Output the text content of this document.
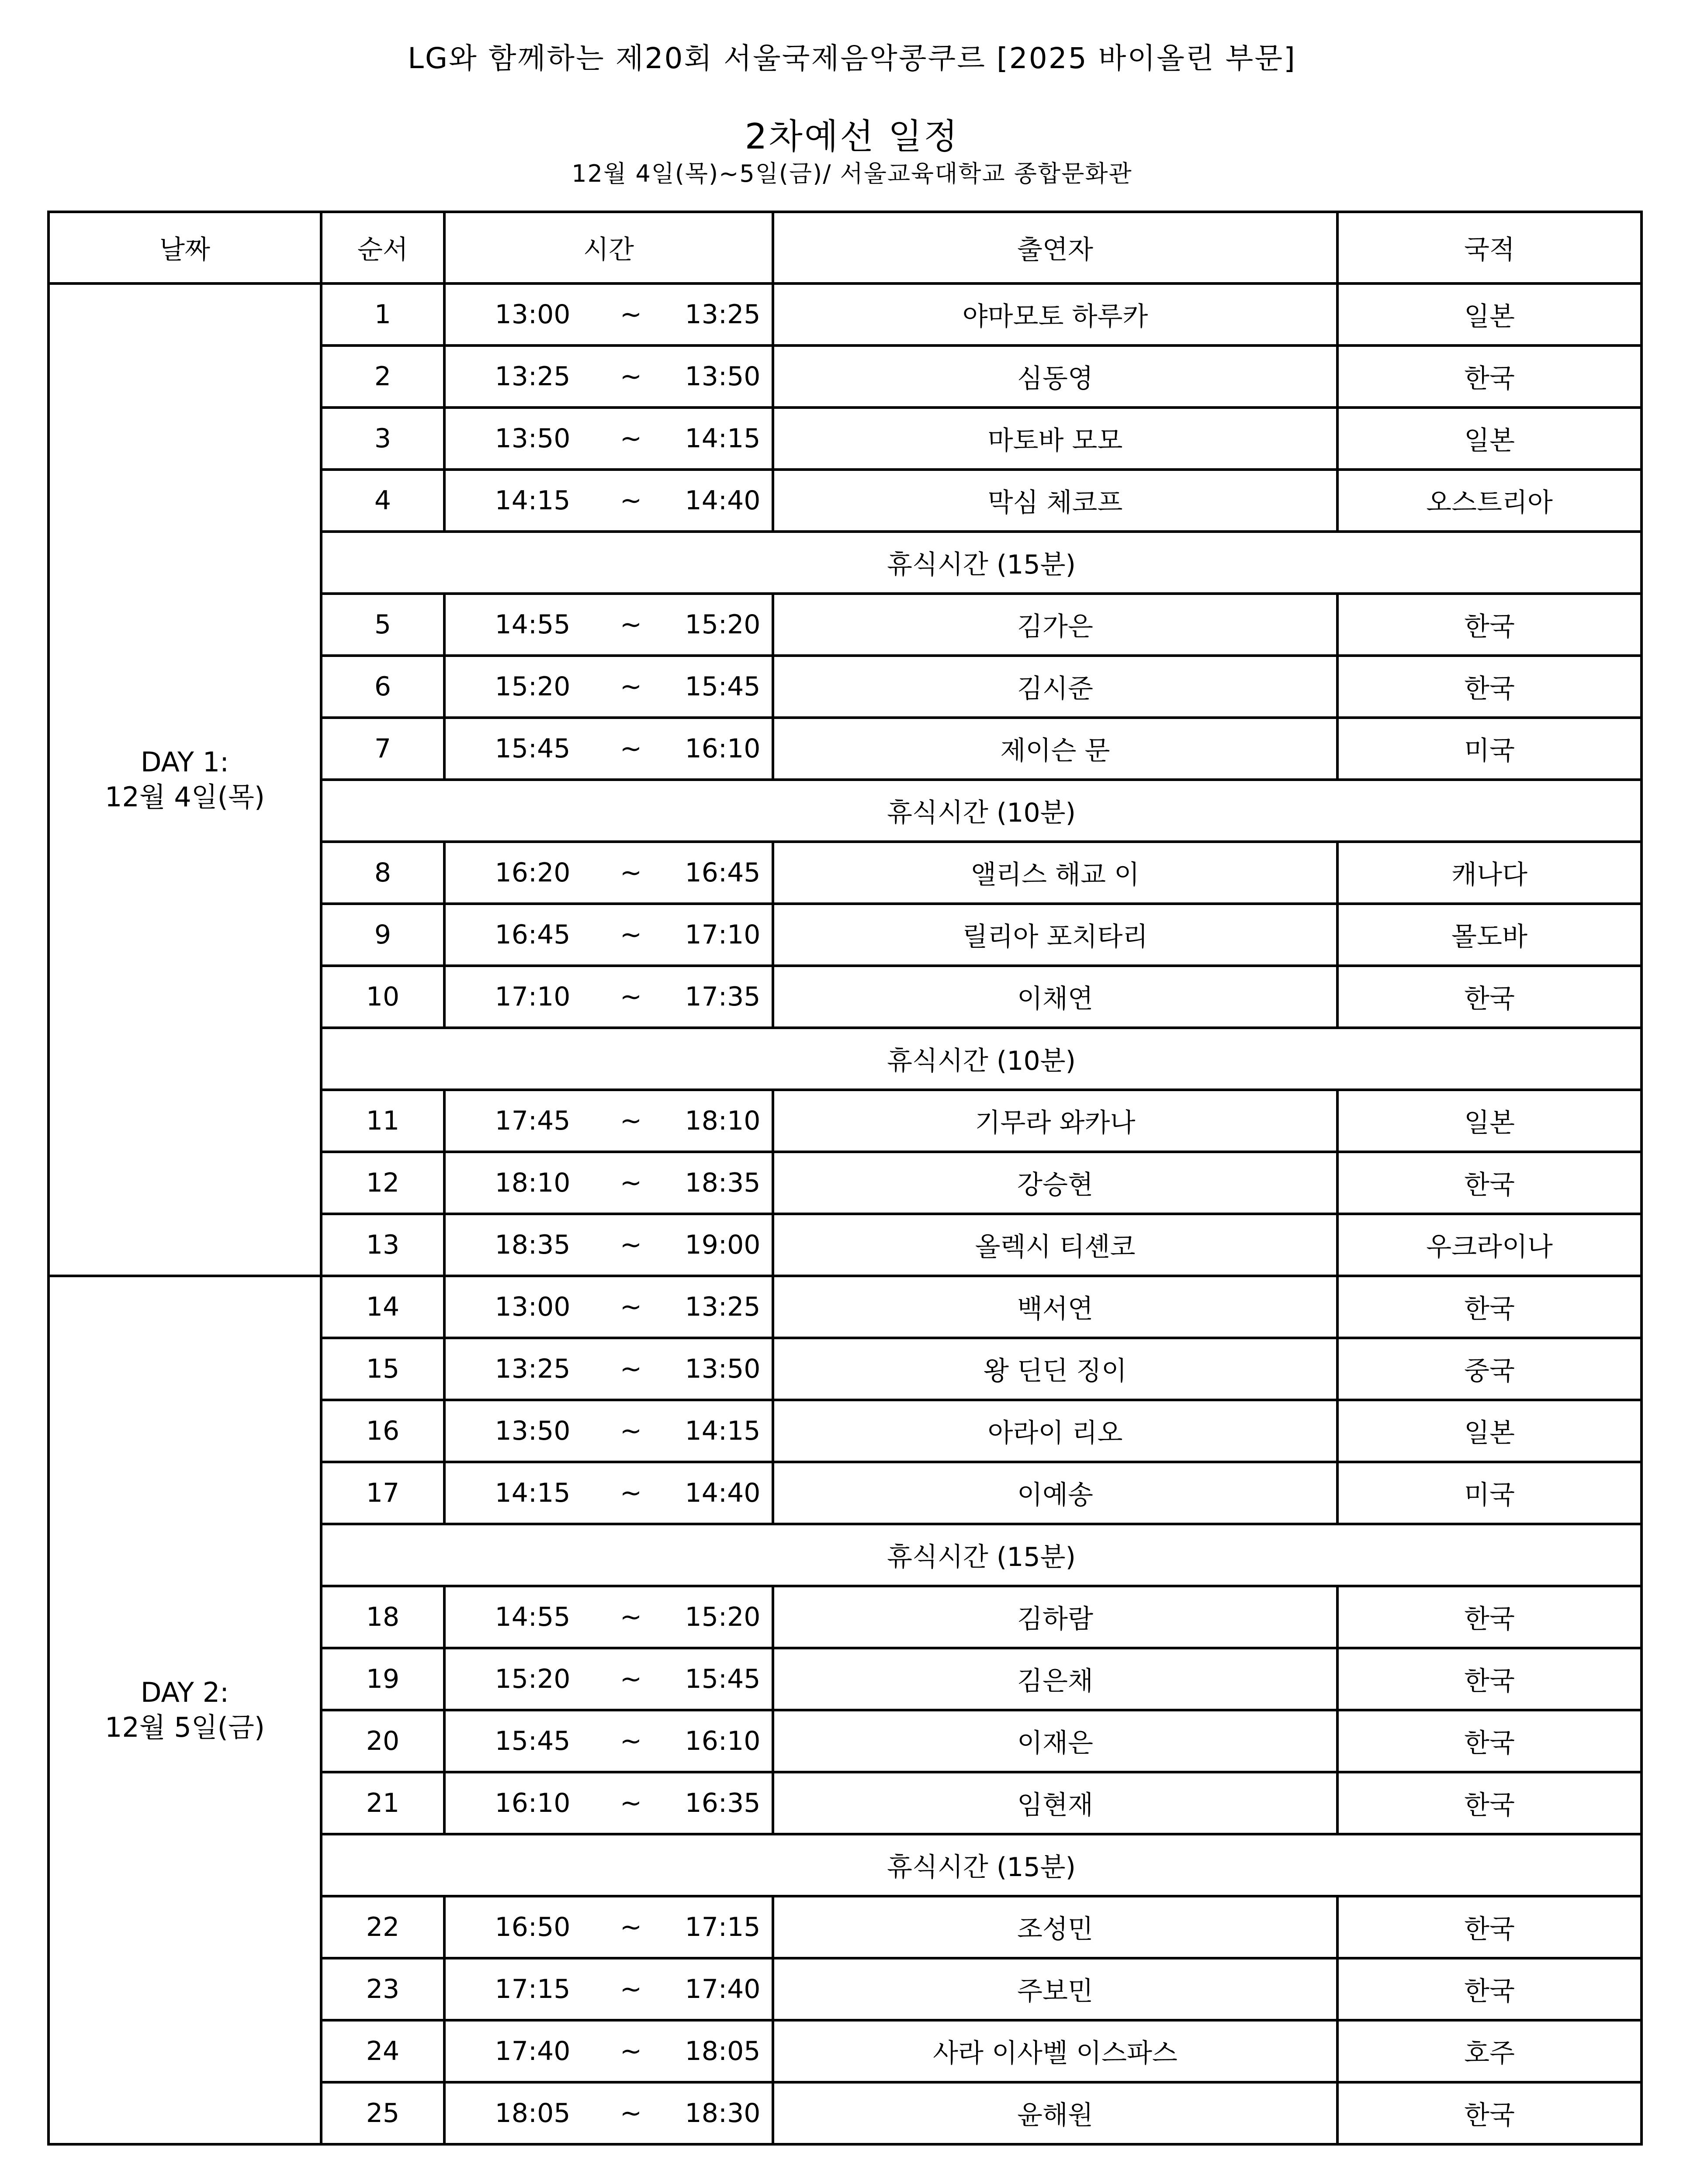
LG와 함께하는 제20회 서울국제음악콩쿠르 [2025 바이올린 부문]
2차예선 일정
12월 4일(목)~5일(금)/ 서울교육대학교 종합문화관
날짜	순서	시간	출연자	국적

DAY 1:
12월 4일(목)	1	13:00 ~ 13:25	야마모토 하루카	일본
	2	13:25 ~ 13:50	심동영	한국
	3	13:50 ~ 14:15	마토바 모모	일본
	4	14:15 ~ 14:40	막심 체코프	오스트리아
	휴식시간 (15분)			
	5	14:55 ~ 15:20	김가은	한국
	6	15:20 ~ 15:45	김시준	한국
	7	15:45 ~ 16:10	제이슨 문	미국
	휴식시간 (10분)			
	8	16:20 ~ 16:45	앨리스 해교 이	캐나다
	9	16:45 ~ 17:10	릴리아 포치타리	몰도바
	10	17:10 ~ 17:35	이채연	한국
	휴식시간 (10분)			
	11	17:45 ~ 18:10	기무라 와카나	일본
	12	18:10 ~ 18:35	강승현	한국
	13	18:35 ~ 19:00	올렉시 티셴코	우크라이나

DAY 2:
12월 5일(금)	14	13:00 ~ 13:25	백서연	한국
	15	13:25 ~ 13:50	왕 딘딘 징이	중국
	16	13:50 ~ 14:15	아라이 리오	일본
	17	14:15 ~ 14:40	이예송	미국
	휴식시간 (15분)			
	18	14:55 ~ 15:20	김하람	한국
	19	15:20 ~ 15:45	김은채	한국
	20	15:45 ~ 16:10	이재은	한국
	21	16:10 ~ 16:35	임현재	한국
	휴식시간 (15분)			
	22	16:50 ~ 17:15	조성민	한국
	23	17:15 ~ 17:40	주보민	한국
	24	17:40 ~ 18:05	사라 이사벨 이스파스	호주
	25	18:05 ~ 18:30	윤해원	한국
